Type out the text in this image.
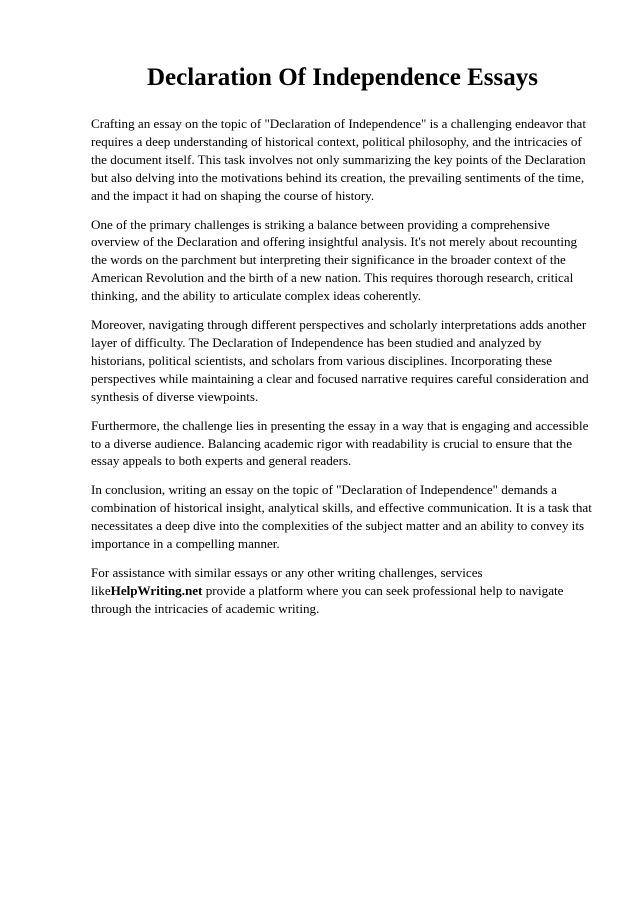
Declaration Of Independence Essays

Crafting an essay on the topic of "Declaration of Independence" is a challenging endeavor that requires a deep understanding of historical context, political philosophy, and the intricacies of the document itself. This task involves not only summarizing the key points of the Declaration but also delving into the motivations behind its creation, the prevailing sentiments of the time, and the impact it had on shaping the course of history.

One of the primary challenges is striking a balance between providing a comprehensive overview of the Declaration and offering insightful analysis. It's not merely about recounting the words on the parchment but interpreting their significance in the broader context of the American Revolution and the birth of a new nation. This requires thorough research, critical thinking, and the ability to articulate complex ideas coherently.

Moreover, navigating through different perspectives and scholarly interpretations adds another layer of difficulty. The Declaration of Independence has been studied and analyzed by historians, political scientists, and scholars from various disciplines. Incorporating these perspectives while maintaining a clear and focused narrative requires careful consideration and synthesis of diverse viewpoints.

Furthermore, the challenge lies in presenting the essay in a way that is engaging and accessible to a diverse audience. Balancing academic rigor with readability is crucial to ensure that the essay appeals to both experts and general readers.

In conclusion, writing an essay on the topic of "Declaration of Independence" demands a combination of historical insight, analytical skills, and effective communication. It is a task that necessitates a deep dive into the complexities of the subject matter and an ability to convey its importance in a compelling manner.

For assistance with similar essays or any other writing challenges, services likeHelpWriting.net provide a platform where you can seek professional help to navigate through the intricacies of academic writing.
